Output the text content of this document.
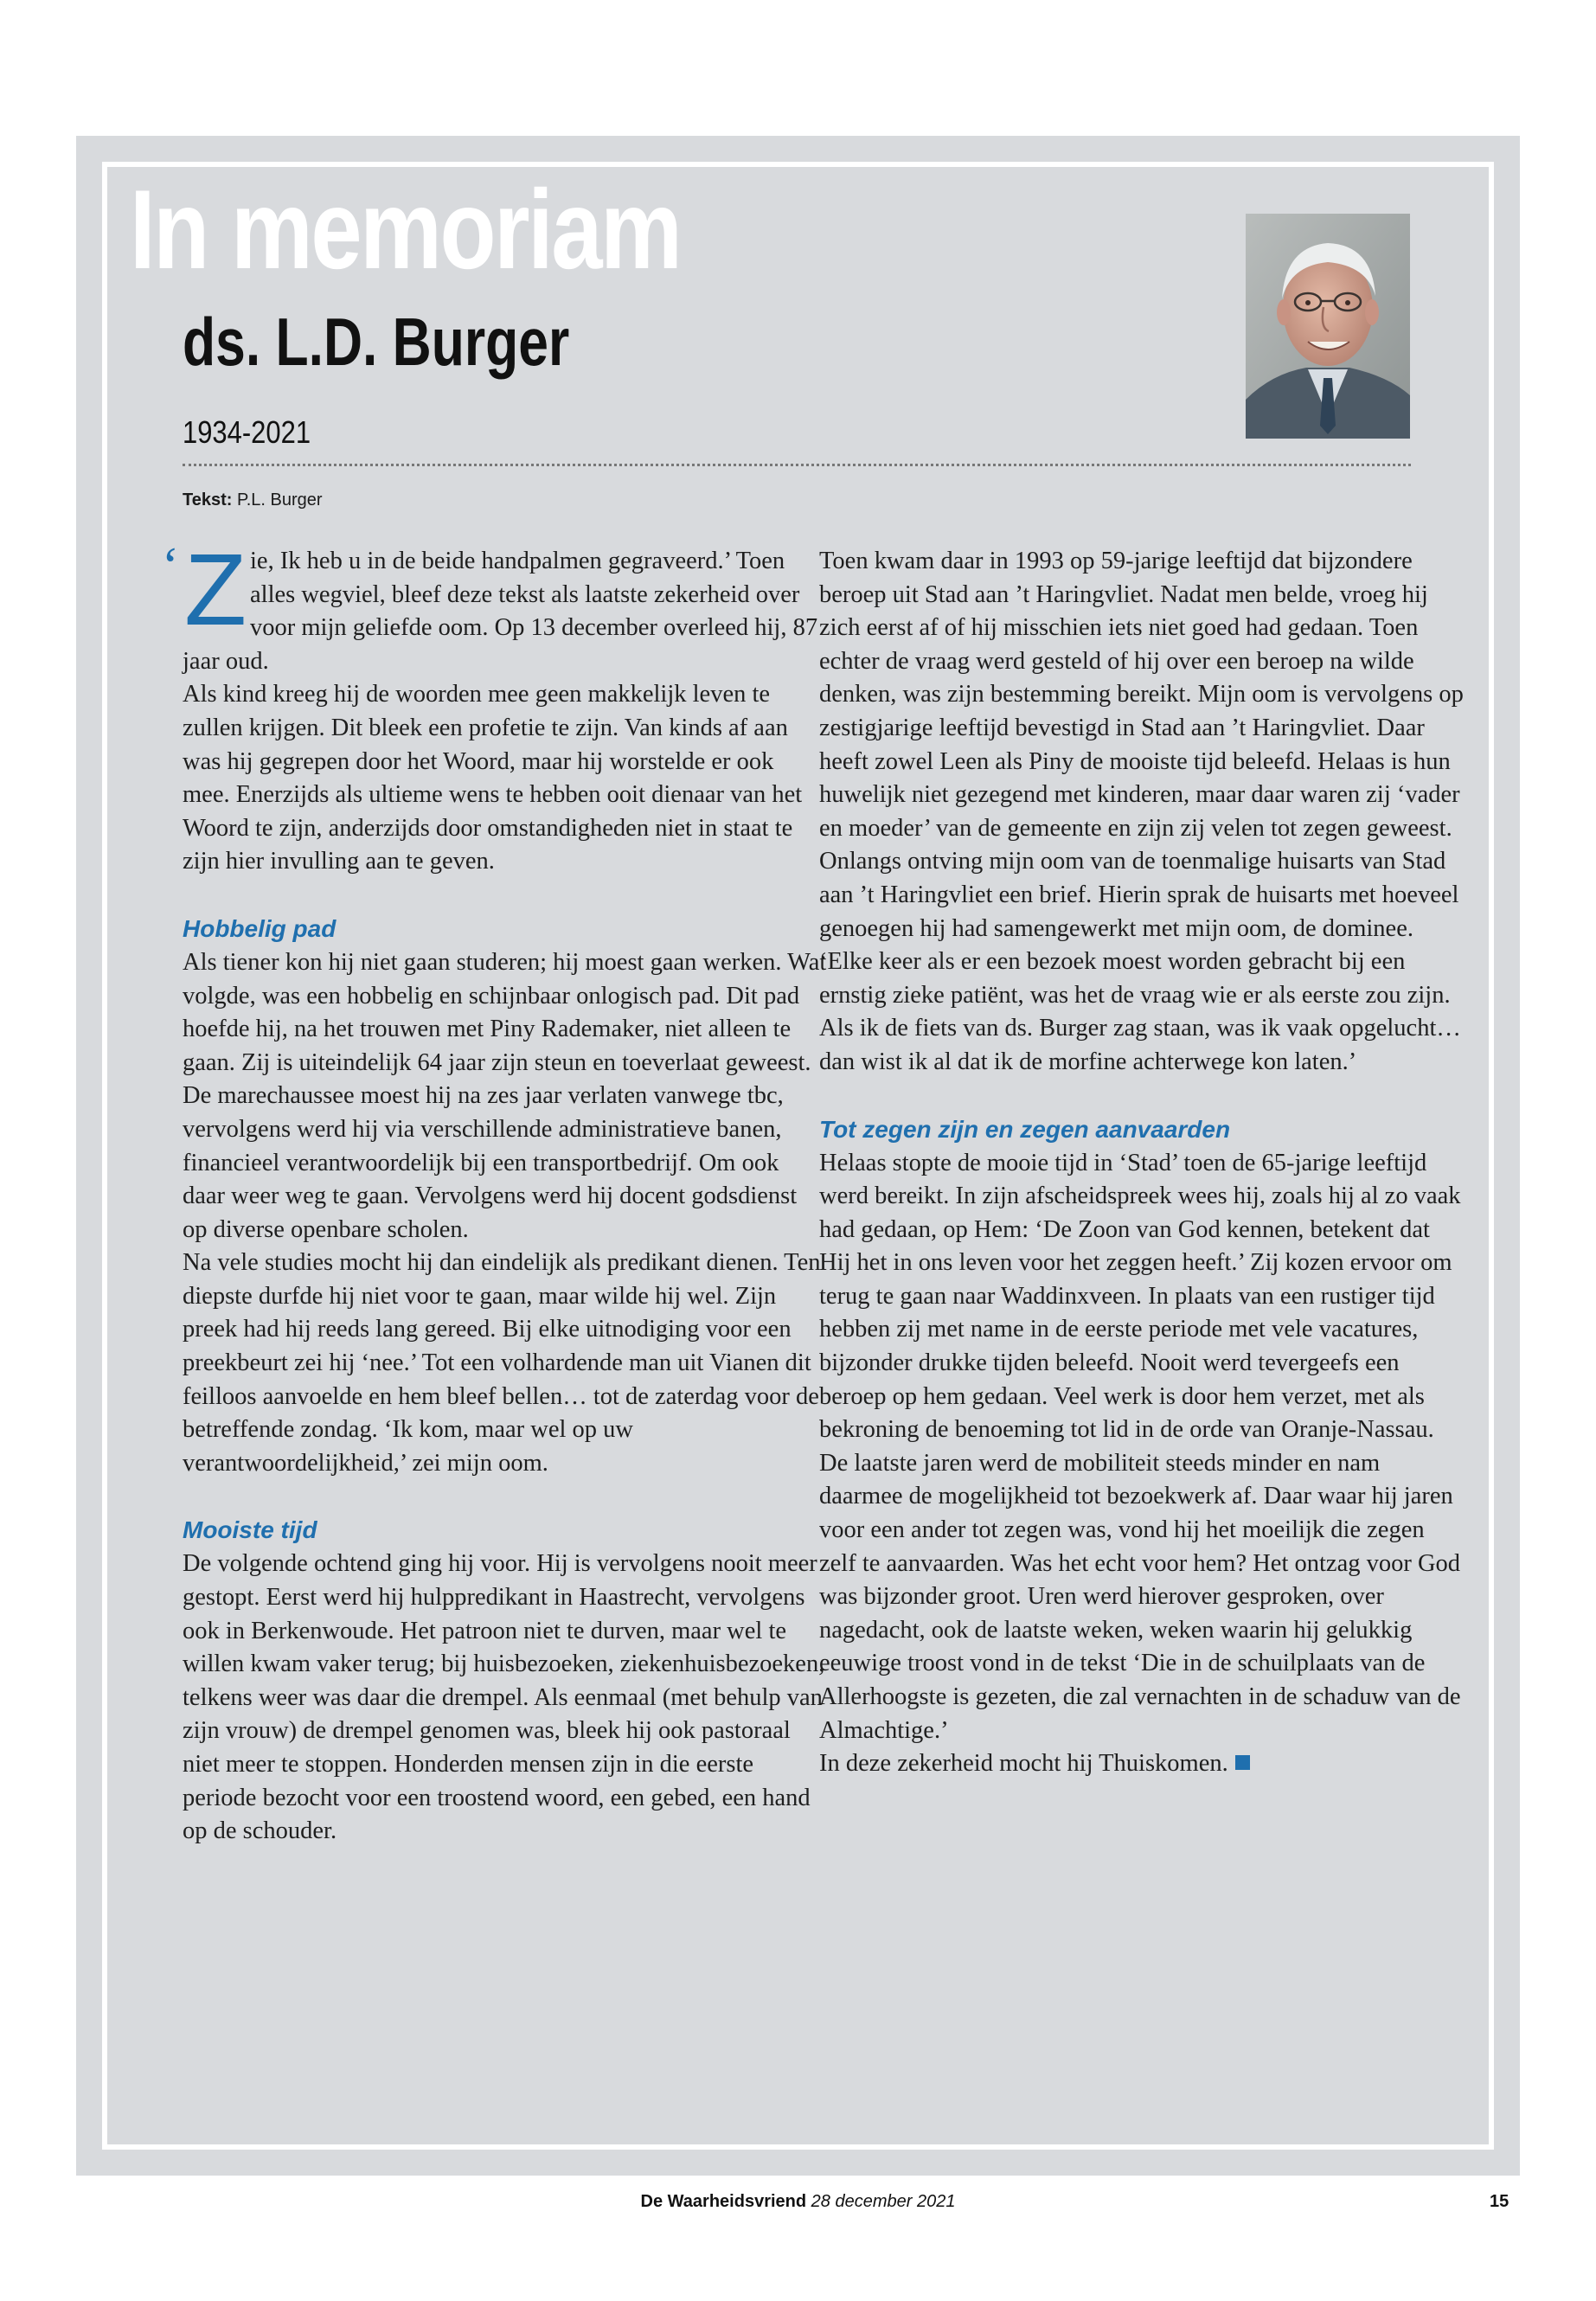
In memoriam
ds. L.D. Burger
1934-2021
Tekst: P.L. Burger
‘ Z ie, Ik heb u in de beide handpalmen gegraveerd.’ Toen alles wegviel, bleef deze tekst als laatste zekerheid over voor mijn geliefde oom. Op 13 december overleed hij, 87 jaar oud.

Als kind kreeg hij de woorden mee geen makkelijk leven te zullen krijgen. Dit bleek een profetie te zijn. Van kinds af aan was hij gegrepen door het Woord, maar hij worstelde er ook mee. Enerzijds als ultieme wens te hebben ooit dienaar van het Woord te zijn, anderzijds door omstandigheden niet in staat te zijn hier invulling aan te geven.

Hobbelig pad

Als tiener kon hij niet gaan studeren; hij moest gaan werken. Wat volgde, was een hobbelig en schijnbaar onlogisch pad. Dit pad hoefde hij, na het trouwen met Piny Rademaker, niet alleen te gaan. Zij is uiteindelijk 64 jaar zijn steun en toeverlaat geweest. De marechaussee moest hij na zes jaar verlaten vanwege tbc, vervolgens werd hij via verschillende administratieve banen, financieel verantwoordelijk bij een transportbedrijf. Om ook daar weer weg te gaan. Vervolgens werd hij docent godsdienst op diverse openbare scholen.

Na vele studies mocht hij dan eindelijk als predikant dienen. Ten diepste durfde hij niet voor te gaan, maar wilde hij wel. Zijn preek had hij reeds lang gereed. Bij elke uitnodiging voor een preekbeurt zei hij ‘nee.’ Tot een volhardende man uit Vianen dit feilloos aanvoelde en hem bleef bellen… tot de zaterdag voor de betreffende zondag. ‘Ik kom, maar wel op uw verantwoordelijkheid,’ zei mijn oom.

Mooiste tijd

De volgende ochtend ging hij voor. Hij is vervolgens nooit meer gestopt. Eerst werd hij hulppredikant in Haastrecht, vervolgens ook in Berkenwoude. Het patroon niet te durven, maar wel te willen kwam vaker terug; bij huisbezoeken, ziekenhuisbezoeken, telkens weer was daar die drempel. Als eenmaal (met behulp van zijn vrouw) de drempel genomen was, bleek hij ook pastoraal niet meer te stoppen. Honderden mensen zijn in die eerste periode bezocht voor een troostend woord, een gebed, een hand op de schouder.

Toen kwam daar in 1993 op 59-jarige leeftijd dat bijzondere beroep uit Stad aan ’t Haringvliet. Nadat men belde, vroeg hij zich eerst af of hij misschien iets niet goed had gedaan. Toen echter de vraag werd gesteld of hij over een beroep na wilde denken, was zijn bestemming bereikt. Mijn oom is vervolgens op zestigjarige leeftijd bevestigd in Stad aan ’t Haringvliet. Daar heeft zowel Leen als Piny de mooiste tijd beleefd. Helaas is hun huwelijk niet gezegend met kinderen, maar daar waren zij ‘vader en moeder’ van de gemeente en zijn zij velen tot zegen geweest.

Onlangs ontving mijn oom van de toenmalige huisarts van Stad aan ’t Haringvliet een brief. Hierin sprak de huisarts met hoeveel genoegen hij had samengewerkt met mijn oom, de dominee. ‘Elke keer als er een bezoek moest worden gebracht bij een ernstig zieke patiënt, was het de vraag wie er als eerste zou zijn. Als ik de fiets van ds. Burger zag staan, was ik vaak opgelucht… dan wist ik al dat ik de morfine achterwege kon laten.’

Tot zegen zijn en zegen aanvaarden

Helaas stopte de mooie tijd in ‘Stad’ toen de 65-jarige leeftijd werd bereikt. In zijn afscheidspreek wees hij, zoals hij al zo vaak had gedaan, op Hem: ‘De Zoon van God kennen, betekent dat Hij het in ons leven voor het zeggen heeft.’ Zij kozen ervoor om terug te gaan naar Waddinxveen. In plaats van een rustiger tijd hebben zij met name in de eerste periode met vele vacatures, bijzonder drukke tijden beleefd. Nooit werd tevergeefs een beroep op hem gedaan. Veel werk is door hem verzet, met als bekroning de benoeming tot lid in de orde van Oranje-Nassau.

De laatste jaren werd de mobiliteit steeds minder en nam daarmee de mogelijkheid tot bezoekwerk af. Daar waar hij jaren voor een ander tot zegen was, vond hij het moeilijk die zegen zelf te aanvaarden. Was het echt voor hem? Het ontzag voor God was bijzonder groot. Uren werd hierover gesproken, over nagedacht, ook de laatste weken, weken waarin hij gelukkig eeuwige troost vond in de tekst ‘Die in de schuilplaats van de Allerhoogste is gezeten, die zal vernachten in de schaduw van de Almachtige.’

In deze zekerheid mocht hij Thuiskomen.

De Waarheidsvriend 28 december 2021	15
